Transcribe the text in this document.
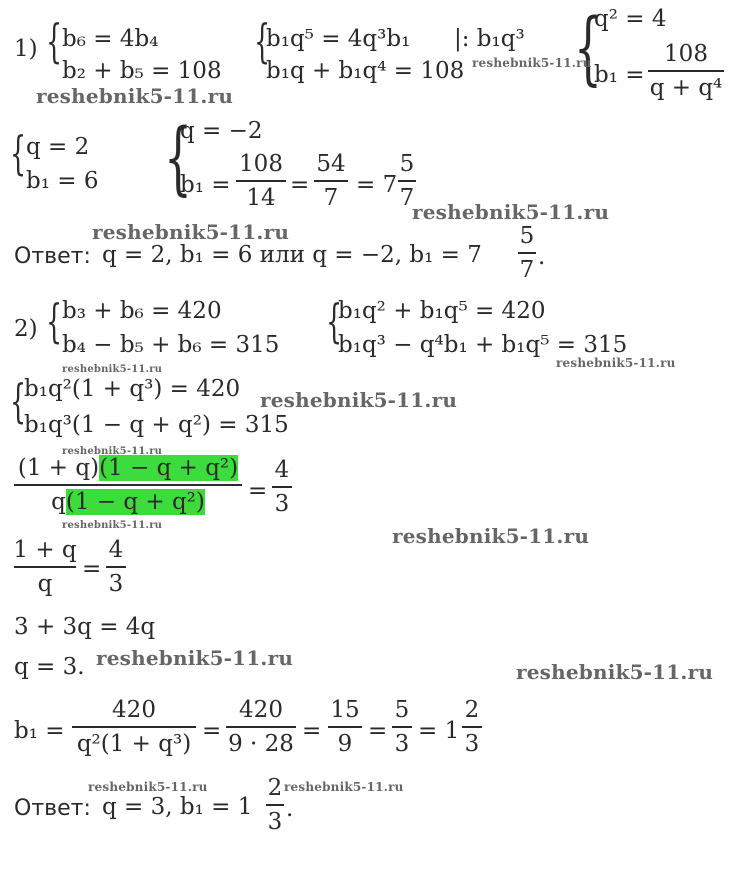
1) { b₆ = 4b₄
b₂ + b₅ = 108
{
b₁q⁵ = 4q³b₁ |: b₁q³
b₁q + b₁q⁴ = 108 {
q² = 4
b₁ =
108
q + q⁴
{ q = 2
b₁ = 6 {
q = −2
b₁ =
108
14 =
54
7 = 7
5
7
Ответ: q = 2, b₁ = 6 или q = −2, b₁ = 7
5
7 .
2) { b₃ + b₆ = 420
b₄ − b₅ + b₆ = 315 {
b₁q² + b₁q⁵ = 420
b₁q³ − q⁴b₁ + b₁q⁵ = 315
{
b₁q²(1 + q³) = 420
b₁q³(1 − q + q²) = 315
(1 + q)(1 − q + q²)
q(1 − q + q²) =
4
3
1 + q
q
=
4
3
3 + 3q = 4q
q = 3.
b₁ =
420
q²(1 + q³) =
420
9 · 28 =
15
9 =
5
3 = 1
2
3
Ответ: q = 3, b₁ = 1
2
3 .
reshebnik5-11.ru
reshebnik5-11.ru
reshebnik5-11.ru
reshebnik5-11.ru
reshebnik5-11.ru
reshebnik5-11.ru
reshebnik5-11.ru
reshebnik5-11.ru
reshebnik5-11.ru	reshebnik5-11.ru
reshebnik5-11.ru
reshebnik5-11.ru
reshebnik5-11.ru	reshebnik5-11.ru
